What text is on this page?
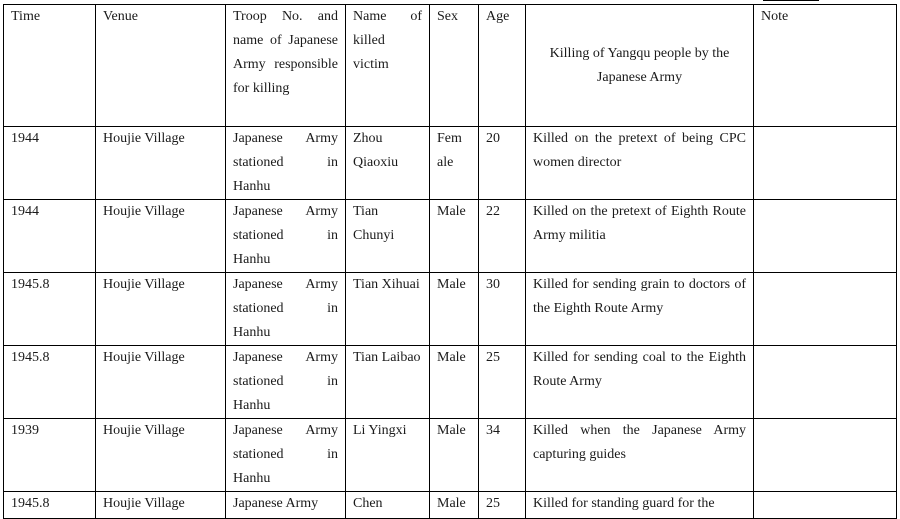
Time	Venue	Troop No. and name of Japanese Army responsible for killing	Name of killed victim	Sex	Age	Killing of Yangqu people by the Japanese Army	Note
1944	Houjie Village	Japanese Army stationed in Hanhu	Zhou Qiaoxiu	Fem ale	20	Killed on the pretext of being CPC women director	
1944	Houjie Village	Japanese Army stationed in Hanhu	Tian Chunyi	Male	22	Killed on the pretext of Eighth Route Army militia	
1945.8	Houjie Village	Japanese Army stationed in Hanhu	Tian Xihuai	Male	30	Killed for sending grain to doctors of the Eighth Route Army	
1945.8	Houjie Village	Japanese Army stationed in Hanhu	Tian Laibao	Male	25	Killed for sending coal to the Eighth Route Army	
1939	Houjie Village	Japanese Army stationed in Hanhu	Li Yingxi	Male	34	Killed when the Japanese Army capturing guides	
1945.8	Houjie Village	Japanese Army	Chen	Male	25	Killed for standing guard for the	
